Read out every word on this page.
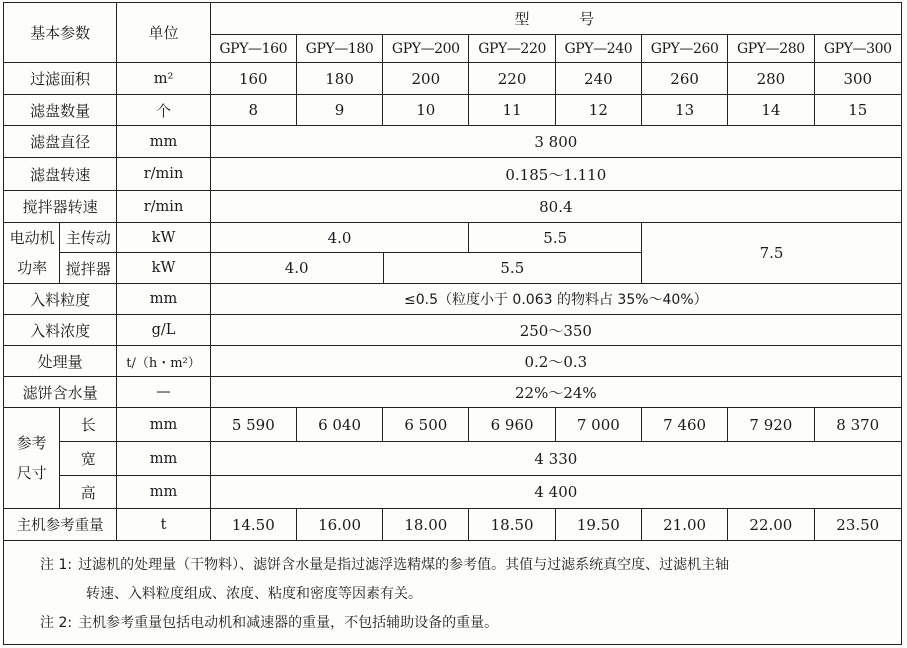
基本参数		单位	型      号							
			GPY—160	GPY—180	GPY—200	GPY—220	GPY—240	GPY—260	GPY—280	GPY—300
过滤面积		m²	160	180	200	220	240	260	280	300
滤盘数量		个	8	9	10	11	12	13	14	15
滤盘直径		mm	3 800							
滤盘转速		r/min	0.185～1.110							
搅拌器转速		r/min	80.4							

电动机
功率	主传动	kW	4.0			5.5		7.5		
	搅拌器	kW	4.0 5.5							

入料粒度		mm	≤0.5（粒度小于 0.063 的物料占 35%～40%）							
入料浓度		g/L	250～350							
处理量		t/（h・m²）	0.2～0.3							
滤饼含水量		—	22%～24%							

参考
尺寸	长	mm	5 590	6 040	6 500	6 960	7 000	7 460	7 920	8 370
	宽	mm	4 330							
	高	mm	4 400							
主机参考重量		t	14.50	16.00	18.00	18.50	19.50	21.00	22.00	23.50

注 1: 过滤机的处理量（干物料）、滤饼含水量是指过滤浮选精煤的参考值。其值与过滤系统真空度、过滤机主轴
转速、入料粒度组成、浓度、粘度和密度等因素有关。
注 2: 主机参考重量包括电动机和减速器的重量，不包括辅助设备的重量。										
